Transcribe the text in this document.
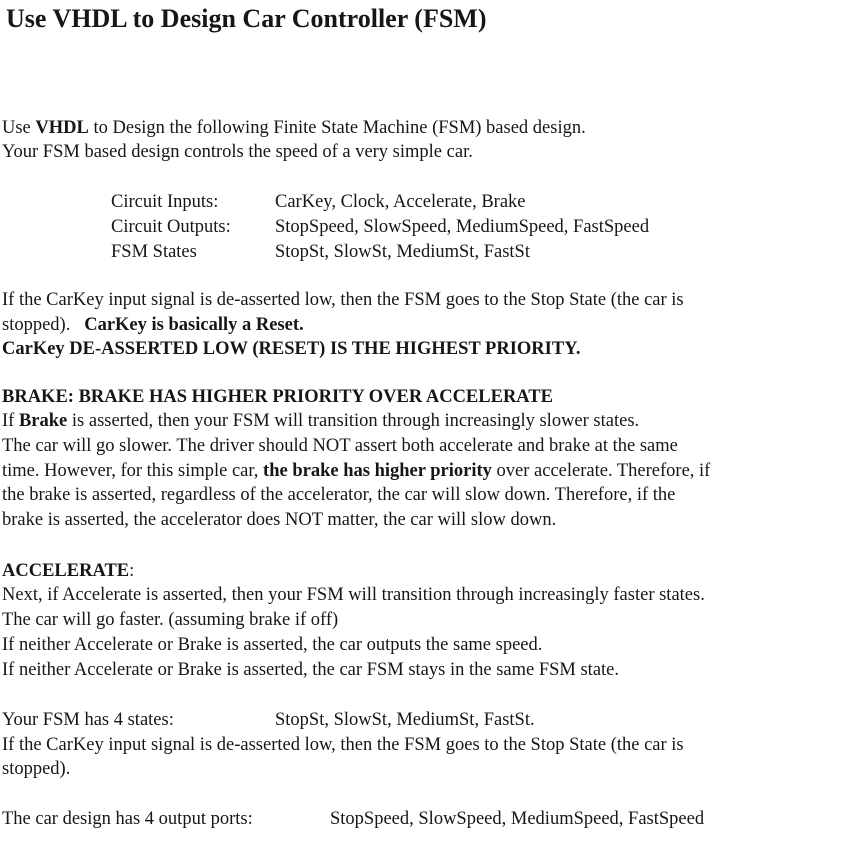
Use VHDL to Design Car Controller (FSM)

Use VHDL to Design the following Finite State Machine (FSM) based design.

Your FSM based design controls the speed of a very simple car.

Circuit Inputs:	CarKey, Clock, Accelerate, Brake

Circuit Outputs: StopSpeed, SlowSpeed, MediumSpeed, FastSpeed

FSM States	StopSt, SlowSt, MediumSt, FastSt

If the CarKey input signal is de-asserted low, then the FSM goes to the Stop State (the car is

stopped).   CarKey is basically a Reset.

CarKey DE-ASSERTED LOW (RESET) IS THE HIGHEST PRIORITY.

BRAKE: BRAKE HAS HIGHER PRIORITY OVER ACCELERATE

If Brake is asserted, then your FSM will transition through increasingly slower states.

The car will go slower. The driver should NOT assert both accelerate and brake at the same

time. However, for this simple car, the brake has higher priority over accelerate. Therefore, if

the brake is asserted, regardless of the accelerator, the car will slow down. Therefore, if the

brake is asserted, the accelerator does NOT matter, the car will slow down.

ACCELERATE:

Next, if Accelerate is asserted, then your FSM will transition through increasingly faster states.

The car will go faster. (assuming brake if off)

If neither Accelerate or Brake is asserted, the car outputs the same speed.

If neither Accelerate or Brake is asserted, the car FSM stays in the same FSM state.

Your FSM has 4 states:	StopSt, SlowSt, MediumSt, FastSt.

If the CarKey input signal is de-asserted low, then the FSM goes to the Stop State (the car is

stopped).

The car design has 4 output ports:	StopSpeed, SlowSpeed, MediumSpeed, FastSpeed
